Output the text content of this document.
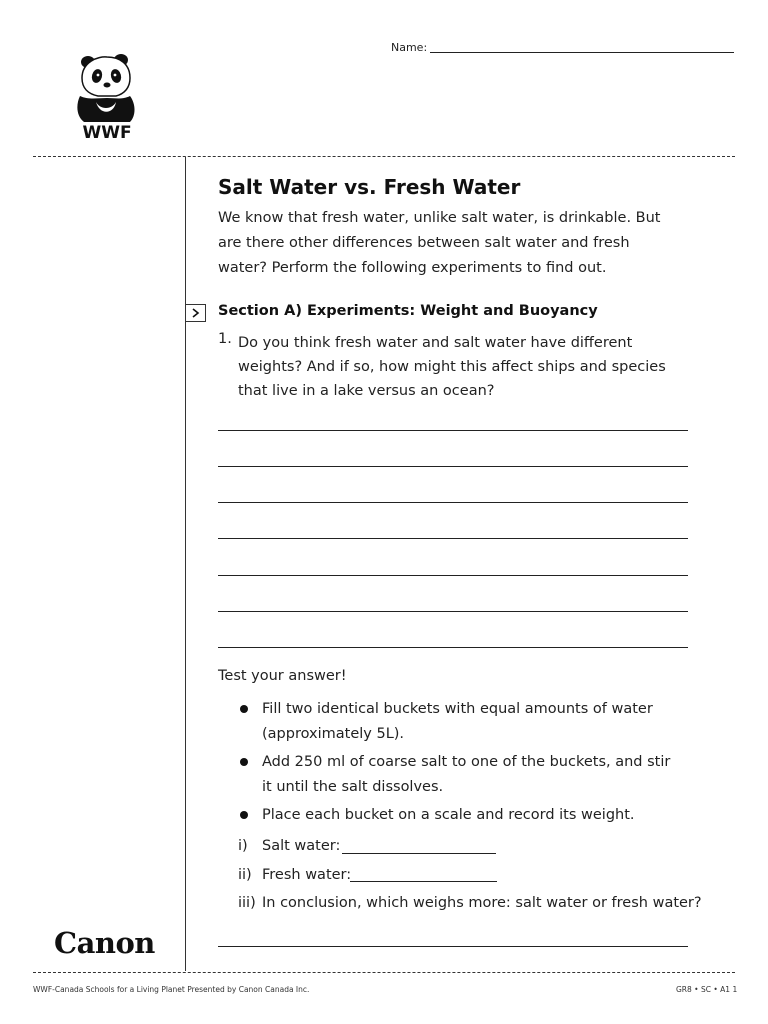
Name:
WWF
Salt Water vs. Fresh Water
We know that fresh water, unlike salt water, is drinkable. But are there other differences between salt water and fresh water? Perform the following experiments to find out.
Section A) Experiments: Weight and Buoyancy
1. Do you think fresh water and salt water have different weights? And if so, how might this affect ships and species that live in a lake versus an ocean?
Test your answer!
Fill two identical buckets with equal amounts of water (approximately 5L).
Add 250 ml of coarse salt to one of the buckets, and stir it until the salt dissolves.
Place each bucket on a scale and record its weight.
i) Salt water:
ii) Fresh water:
iii) In conclusion, which weighs more: salt water or fresh water?
Canon
WWF-Canada Schools for a Living Planet Presented by Canon Canada Inc.	GR8 • SC • A1 1
